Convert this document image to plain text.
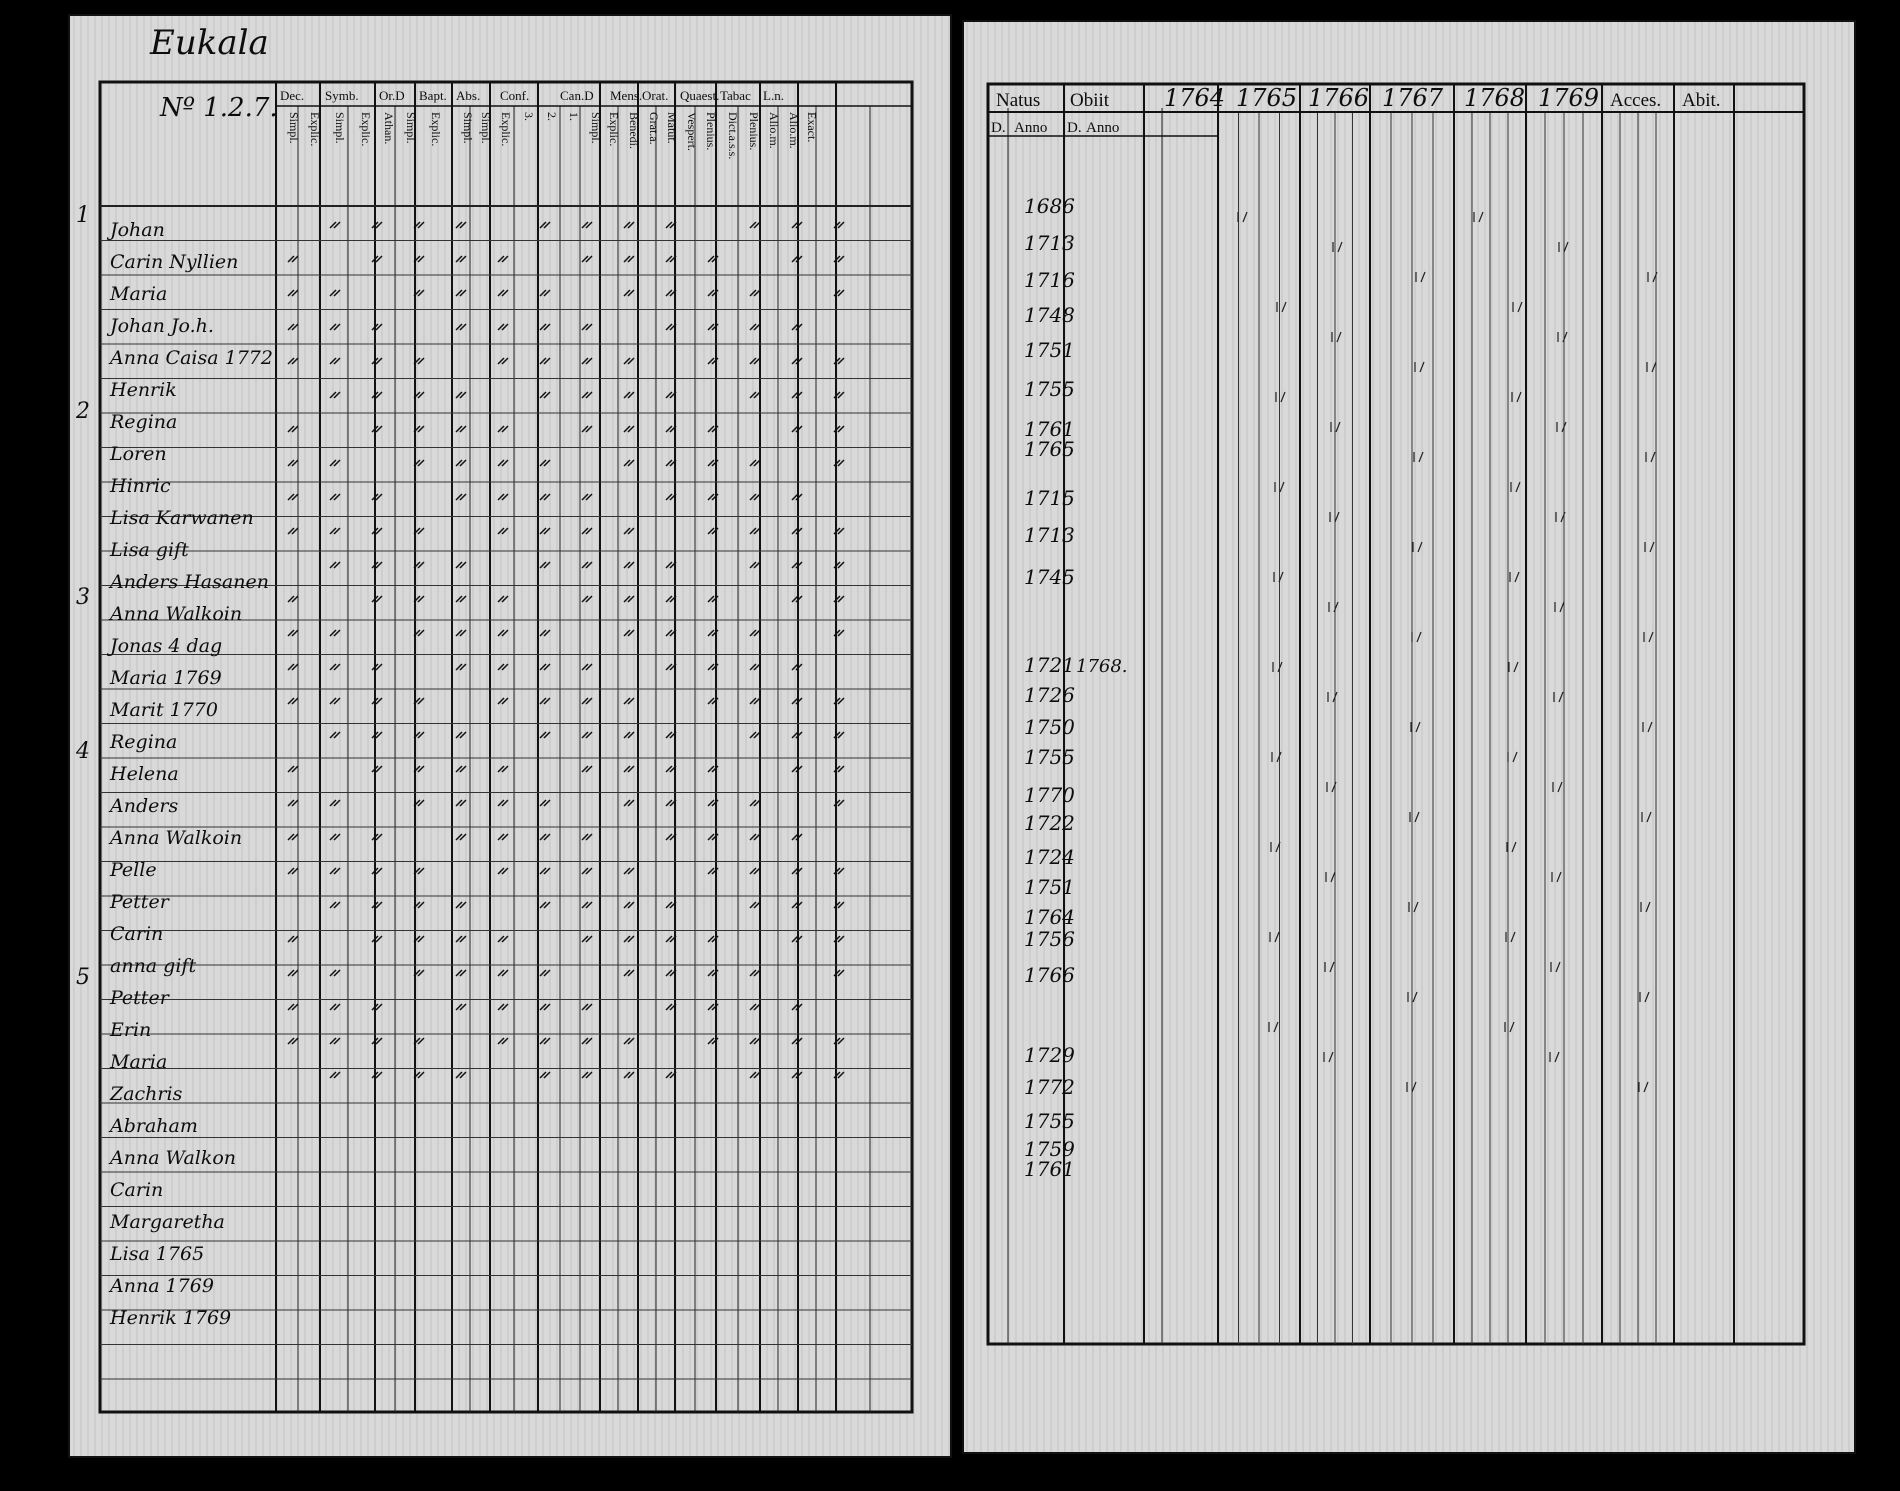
Dec. Symb. Or.D Bapt. Abs. Conf. Can.D Mens. Orat. Quaest. Tabac L.n.
Simpl. Explic. Simpl. Explic. Athan. Simpl. Explic. Simpl. Simpl. Explic. 3. 2. 1. Simpl. Explic. Benedi. Grat.a. Matut. Vespert. Plenius. Dict.a.s.s. Plenius. Alio.m. Alio.m. Exact.
Eukala
Nº 1.2.7.
Johan
Carin Nyllien
Maria
Johan Jo.h.
Anna Caisa 1772
Henrik
Regina
Loren
Hinric
Lisa Karwanen
Lisa gift
Anders Hasanen
Anna Walkoin
Jonas 4 dag
Maria 1769
Marit 1770
Regina
Helena
Anders
Anna Walkoin
Pelle
Petter
Carin
anna gift
Petter
Erin
Maria
Zachris
Abraham
Anna Walkon
Carin
Margaretha
Lisa 1765
Anna 1769
Henrik 1769
1
2
3
4
5
Natus Obiit 1764 1765 1766 1767 1768 1769 Acces. Abit.
D. Anno D. Anno
1686
1713
1716
1748
1751
1755
1761
1765
1715
1713
1745
1721
1726
1750
1755
1770
1722
1724
1751
1764
1756
1766
1729
1772
1755
1759
1761
1768.
